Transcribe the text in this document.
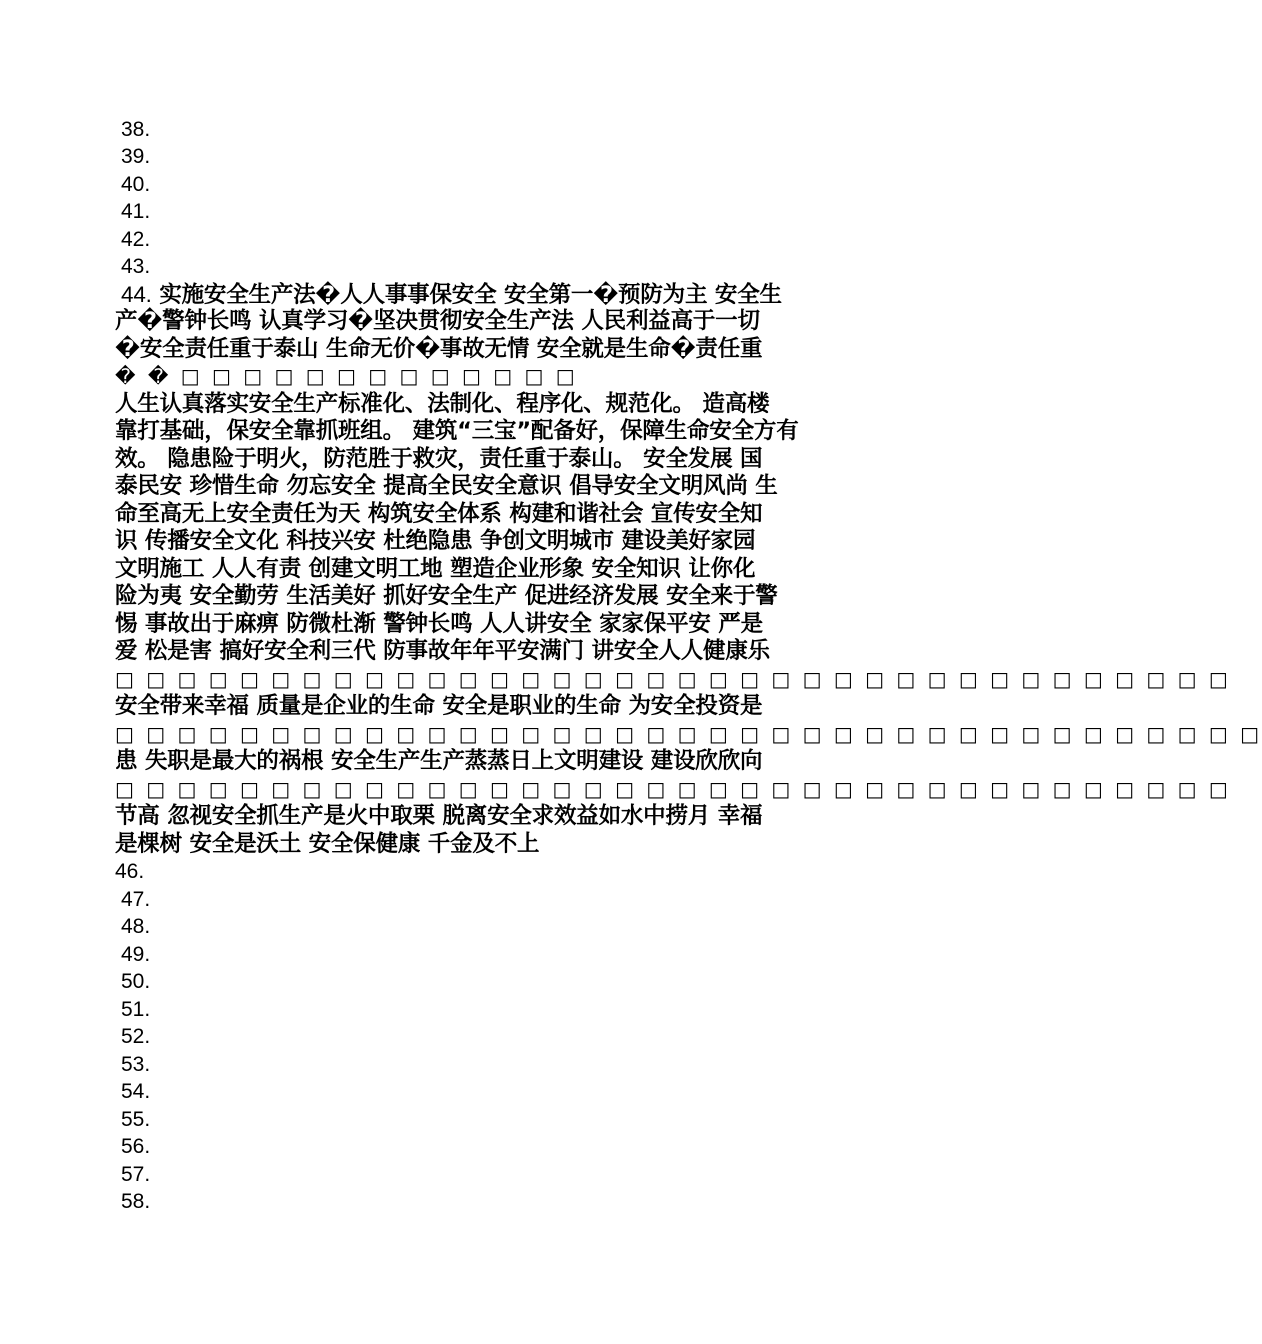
38.
39.
40.
41.
42.
43.
44. 实施安全生产法�人人事事保安全 安全第一�预防为主 安全生
产�警钟长鸣 认真学习�坚决贯彻安全生产法 人民利益高于一切
�安全责任重于泰山 生命无价�事故无情 安全就是生命�责任重
� � □ □ □ □ □ □ □ □ □ □ □ □ □
人生认真落实安全生产标准化、法制化、程序化、规范化。 造高楼
靠打基础，保安全靠抓班组。 建筑“三宝”配备好，保障生命安全方有
效。 隐患险于明火，防范胜于救灾，责任重于泰山。 安全发展 国
泰民安 珍惜生命 勿忘安全 提高全民安全意识 倡导安全文明风尚 生
命至高无上安全责任为天 构筑安全体系 构建和谐社会 宣传安全知
识 传播安全文化 科技兴安 杜绝隐患 争创文明城市 建设美好家园
文明施工 人人有责 创建文明工地 塑造企业形象 安全知识 让你化
险为夷 安全勤劳 生活美好 抓好安全生产 促进经济发展 安全来于警
惕 事故出于麻痹 防微杜渐 警钟长鸣 人人讲安全 家家保平安 严是
爱 松是害 搞好安全利三代 防事故年年平安满门 讲安全人人健康乐
□ □ □ □ □ □ □ □ □ □ □ □ □ □ □ □ □ □ □ □ □ □ □ □ □ □ □ □ □ □ □ □ □ □ □ □
安全带来幸福 质量是企业的生命 安全是职业的生命 为安全投资是
□ □ □ □ □ □ □ □ □ □ □ □ □ □ □ □ □ □ □ □ □ □ □ □ □ □ □ □ □ □ □ □ □ □ □ □ □
患 失职是最大的祸根 安全生产生产蒸蒸日上文明建设 建设欣欣向
□ □ □ □ □ □ □ □ □ □ □ □ □ □ □ □ □ □ □ □ □ □ □ □ □ □ □ □ □ □ □ □ □ □ □ □
节高 忽视安全抓生产是火中取栗 脱离安全求效益如水中捞月 幸福
是棵树 安全是沃土 安全保健康 千金及不上
46.
47.
48.
49.
50.
51.
52.
53.
54.
55.
56.
57.
58.
